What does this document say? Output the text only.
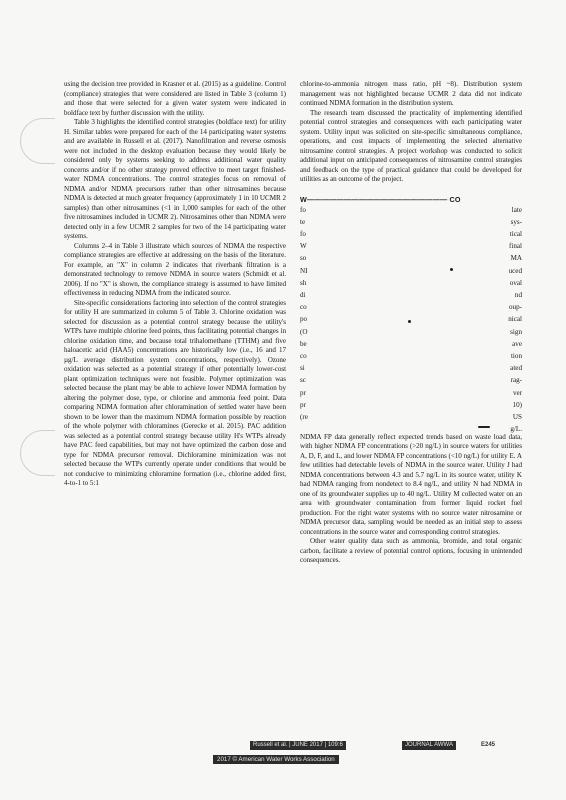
using the decision tree provided in Krasner et al. (2015) as a guideline. Control (compliance) strategies that were considered are listed in Table 3 (column 1) and those that were selected for a given water system were indicated in boldface text by further discussion with the utility.

Table 3 highlights the identified control strategies (boldface text) for utility H. Similar tables were prepared for each of the 14 participating water systems and are available in Russell et al. (2017). Nanofiltration and reverse osmosis were not included in the desktop evaluation because they would likely be considered only by systems seeking to address additional water quality concerns and/or if no other strategy proved effective to meet target finished-water NDMA concentrations. The control strategies focus on removal of NDMA and/or NDMA precursors rather than other nitrosamines because NDMA is detected at much greater frequency (approximately 1 in 10 UCMR 2 samples) than other nitrosamines (<1 in 1,000 samples for each of the other five nitrosamines included in UCMR 2). Nitrosamines other than NDMA were detected only in a few UCMR 2 samples for two of the 14 participating water systems.

Columns 2–4 in Table 3 illustrate which sources of NDMA the respective compliance strategies are effective at addressing on the basis of the literature. For example, an "X" in column 2 indicates that riverbank filtration is a demonstrated technology to remove NDMA in source waters (Schmidt et al. 2006). If no "X" is shown, the compliance strategy is assumed to have limited effectiveness in reducing NDMA from the indicated source.

Site-specific considerations factoring into selection of the control strategies for utility H are summarized in column 5 of Table 3. Chlorine oxidation was selected for discussion as a potential control strategy because the utility's WTPs have multiple chlorine feed points, thus facilitating potential changes in chlorine oxidation time, and because total trihalomethane (TTHM) and five haloacetic acid (HAA5) concentrations are historically low (i.e., 16 and 17 µg/L average distribution system concentrations, respectively). Ozone oxidation was selected as a potential strategy if other potentially lower-cost plant optimization techniques were not feasible. Polymer optimization was selected because the plant may be able to achieve lower NDMA formation by altering the polymer dose, type, or chlorine and ammonia feed point. Data comparing NDMA formation after chloramination of settled water have been shown to be lower than the maximum NDMA formation possible by reaction of the whole polymer with chloramines (Gerecke et al. 2015). PAC addition was selected as a potential control strategy because utility H's WTPs already have PAC feed capabilities, but may not have optimized the carbon dose and type for NDMA precursor removal. Dichloramine minimization was not selected because the WTPs currently operate under conditions that would be not conducive to minimizing chloramine formation (i.e., chlorine added first, 4-to-1 to 5:1

chlorine-to-ammonia nitrogen mass ratio, pH ~8). Distribution system management was not highlighted because UCMR 2 data did not indicate continued NDMA formation in the distribution system.

The research team discussed the practicality of implementing identified potential control strategies and consequences with each participating water system. Utility input was solicited on site-specific simultaneous compliance, operations, and cost impacts of implementing the selected alternative nitrosamine control strategies. A project workshop was conducted to solicit additional input on anticipated consequences of nitrosamine control strategies and feedback on the type of practical guidance that could be developed for utilities as an outcome of the project.

W——————————————————— CO
fo
te
fo
W
so
NI
sh
di
co
po
(O
be
co
si
sc
pr
pr
(re
late
sys-
tical
final
MA
uced
oval
nd
oup-
nical
sign
ave
tion
ated
rag-
ver
10)
US
g/L.

NDMA FP data generally reflect expected trends based on waste load data, with higher NDMA FP concentrations (>20 ng/L) in source waters for utilities A, D, F, and L, and lower NDMA FP concentrations (<10 ng/L) for utility E. A few utilities had detectable levels of NDMA in the source water. Utility J had NDMA concentrations between 4.3 and 5.7 ng/L in its source water, utility K had NDMA ranging from nondetect to 8.4 ng/L, and utility N had NDMA in one of its groundwater supplies up to 40 ng/L. Utility M collected water on an area with groundwater contamination from former liquid rocket fuel production. For the right water systems with no source water nitrosamine or NDMA precursor data, sampling would be needed as an initial step to assess concentrations in the source water and corresponding control strategies.

Other water quality data such as ammonia, bromide, and total organic carbon, facilitate a review of potential control options, focusing in unintended consequences.

Russell et al. | JUNE 2017 | 109:6	JOURNAL AWWA	E245
2017 © American Water Works Association
